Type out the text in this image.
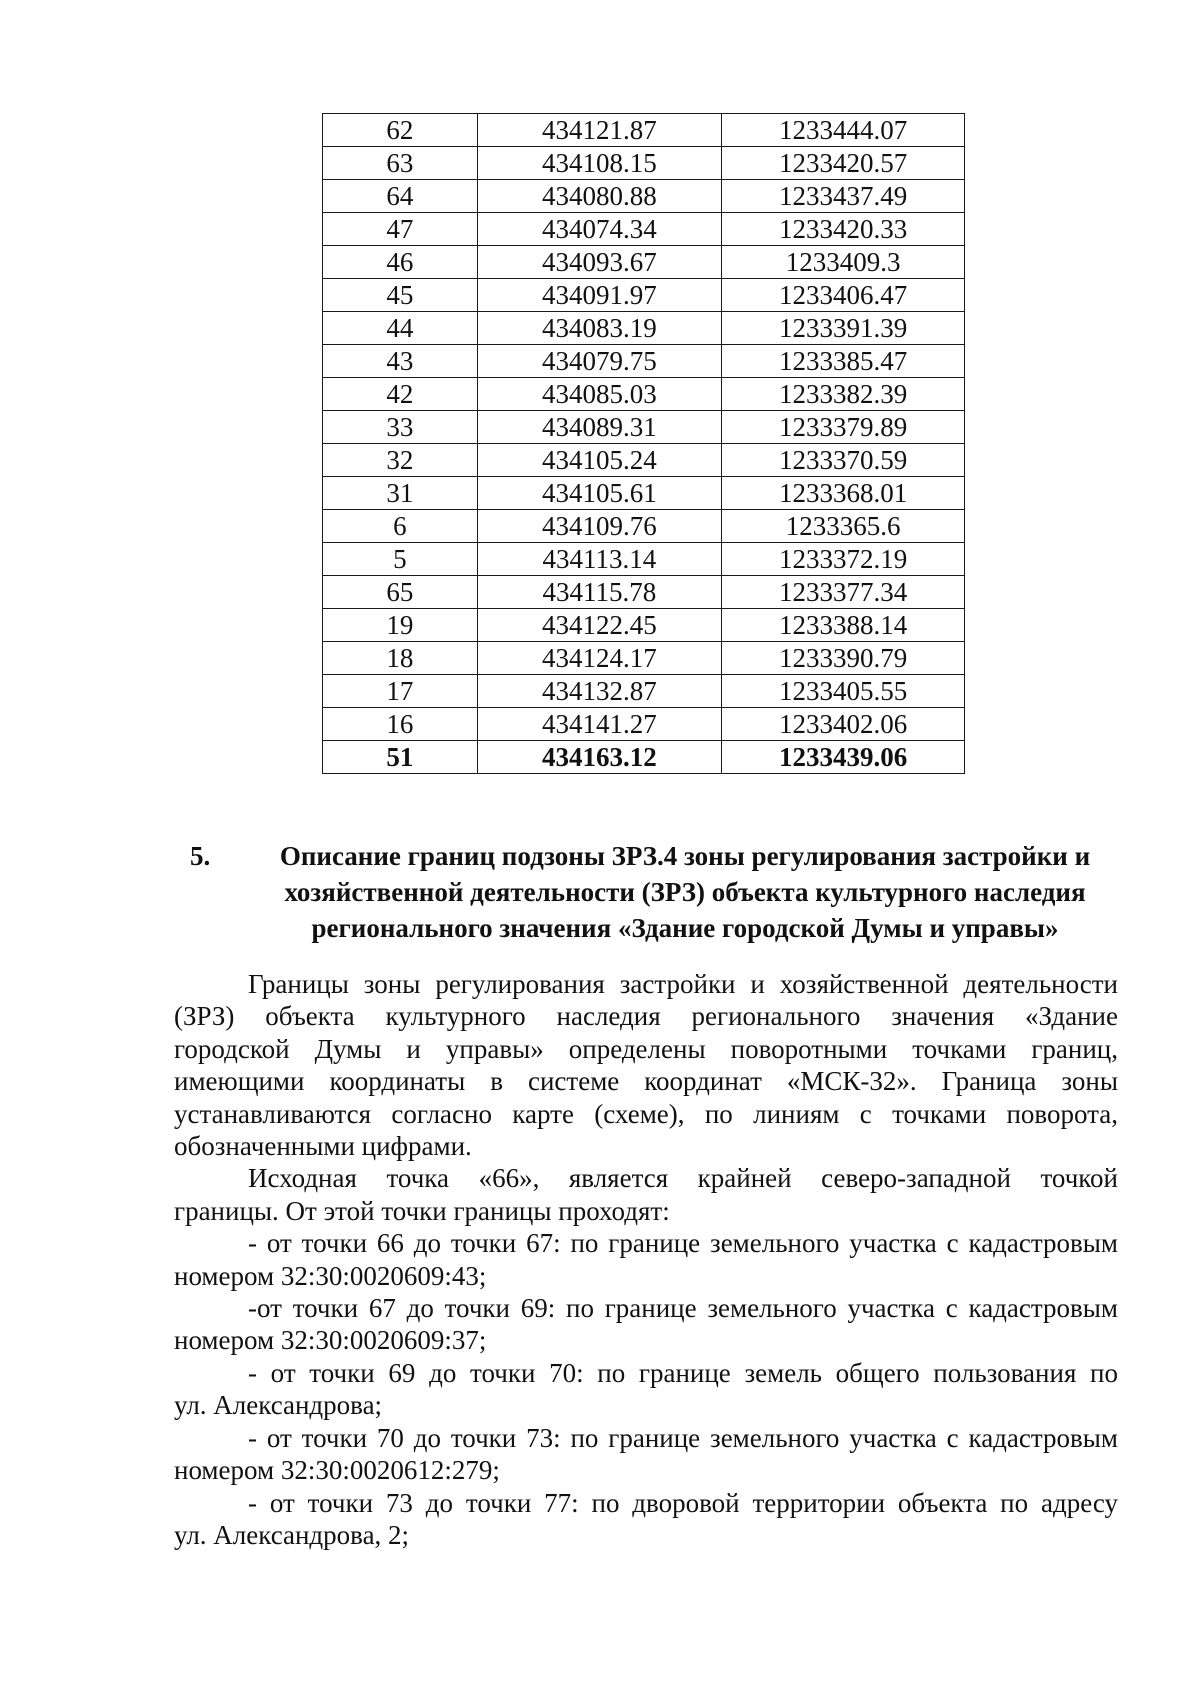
62	434121.87	1233444.07
63	434108.15	1233420.57
64	434080.88	1233437.49
47	434074.34	1233420.33
46	434093.67	1233409.3
45	434091.97	1233406.47
44	434083.19	1233391.39
43	434079.75	1233385.47
42	434085.03	1233382.39
33	434089.31	1233379.89
32	434105.24	1233370.59
31	434105.61	1233368.01
6	434109.76	1233365.6
5	434113.14	1233372.19
65	434115.78	1233377.34
19	434122.45	1233388.14
18	434124.17	1233390.79
17	434132.87	1233405.55
16	434141.27	1233402.06
51	434163.12	1233439.06
5.	Описание границ подзоны ЗРЗ.4 зоны регулирования застройки и
хозяйственной деятельности (ЗРЗ) объекта культурного наследия
регионального значения «Здание городской Думы и управы»

Границы зоны регулирования застройки и хозяйственной деятельности

(ЗРЗ) объекта культурного наследия регионального значения «Здание

городской Думы и управы» определены поворотными точками границ,

имеющими координаты в системе координат «МСК-32». Граница зоны

устанавливаются согласно карте (схеме), по линиям с точками поворота,

обозначенными цифрами.

Исходная точка «66», является крайней северо-западной точкой

границы. От этой точки границы проходят:

- от точки 66 до точки 67: по границе земельного участка с кадастровым

номером 32:30:0020609:43;

-от точки 67 до точки 69: по границе земельного участка с кадастровым

номером 32:30:0020609:37;

- от точки 69 до точки 70: по границе земель общего пользования по

ул. Александрова;

- от точки 70 до точки 73: по границе земельного участка с кадастровым

номером 32:30:0020612:279;

- от точки 73 до точки 77: по дворовой территории объекта по адресу

ул. Александрова, 2;
